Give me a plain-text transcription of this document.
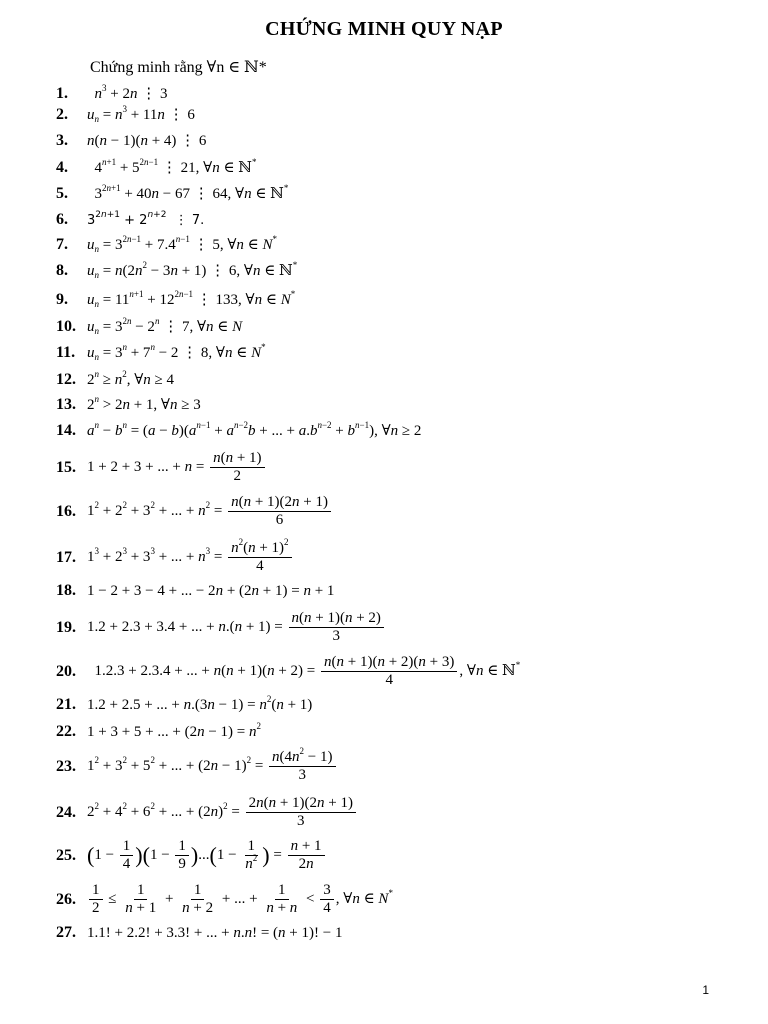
CHỨNG MINH QUY NẠP
Chứng minh rằng ∀n ∈ ℕ*
1.	$n^3 + 2n$ ⋮ 3
2.	$u_n = n^3 + 11n$ ⋮ 6
3.	n(n − 1)(n + 4) ⋮ 6
4.	$4^{n+1} + 5^{2n-1}$ ⋮ 21, ∀n ∈ ℕ*
5.	$3^{2n+1} + 40n - 67$ ⋮ 64, ∀n ∈ ℕ*
6.	$3^{2n+1} + 2^{n+2}$  ⋮ 7.
7.	$u_n = 3^{2n-1} + 7.4^{n-1}$ ⋮ 5, ∀n ∈ N*
8.	$u_n = n(2n^2 - 3n + 1)$ ⋮ 6, ∀n ∈ ℕ*
9.	$u_n = 11^{n+1} + 12^{2n-1}$ ⋮ 133, ∀n ∈ N*
10. $u_n = 3^{2n} - 2^n$ ⋮ 7, ∀n ∈ N
11. $u_n = 3^n + 7^n - 2$ ⋮ 8, ∀n ∈ N*
12. $2^n \ge n^2$, ∀n ≥ 4
13. $2^n > 2n + 1$, ∀n ≥ 3
14. $a^n - b^n = (a - b)(a^{n-1} + a^{n-2}b$ + ... + $a.b^{n-2} + b^{n-1}$), ∀n ≥ 2
15. 1 + 2 + 3 + ... + $n = \frac{n(n + 1)}{2}$
16. $1^2 + 2^2 + 3^2$ + ... + $n^2 = \frac{n(n + 1)(2n + 1)}{6}$
17. $1^3 + 2^3 + 3^3$ + ... + $n^3 = \frac{n^2(n + 1)^2}{4}$
18. 1 − 2 + 3 − 4 + ... − 2n + (2n + 1) = n + 1
19. 1.2 + 2.3 + 3.4 + ... + $n.(n + 1) = \frac{n(n + 1)(n + 2)}{3}$
20. 1.2.3 + 2.3.4 + ... + $n(n + 1)(n + 2) = \frac{n(n + 1)(n + 2)(n + 3)}{4}$ , ∀n ∈ ℕ*
21. 1.2 + 2.5 + ... + $n.(3n - 1) = n^2(n + 1)$
22. 1 + 3 + 5 + ... + $(2n - 1) = n^2$
23. $1^2 + 3^2 + 5^2$ + ... + $(2n - 1)^2 = \frac{n(4n^2 - 1)}{3}$
24. $2^2 + 4^2 + 6^2$ + ... + $(2n)^2 = \frac{2n(n + 1)(2n + 1)}{3}$
25. $(1 - \frac{1}{4} )(1 - \frac{1}{9} )...(1 - \frac{1}{n^2}$ ) = $\frac{n + 1}{2n}$
26. $\frac{1}{2} \le \frac{1}{n + 1} + \frac{1}{n + 2}$ + ... + $\frac{1}{n + n} < \frac{3}{4}$ , ∀n ∈ N*
27. 1.1! + 2.2! + 3.3! + ... + n.n! = (n + 1)! − 1
1
